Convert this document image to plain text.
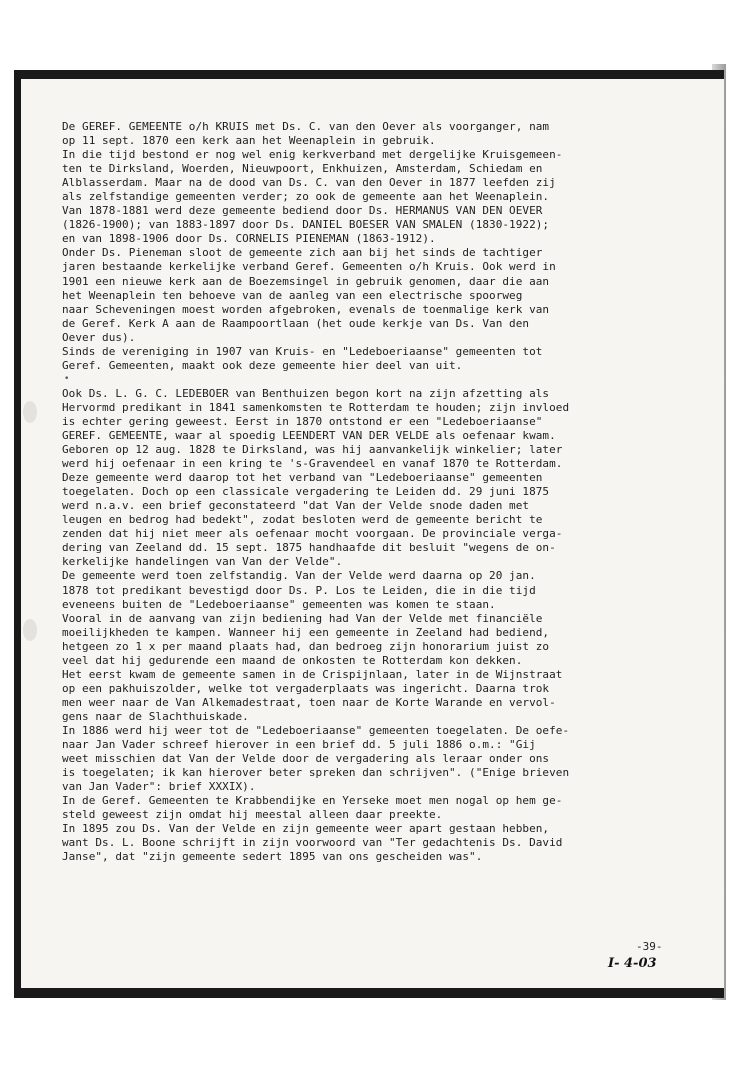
De GEREF. GEMEENTE o/h KRUIS met Ds. C. van den Oever als voorganger, nam
op 11 sept. 1870 een kerk aan het Weenaplein in gebruik.
In die tijd bestond er nog wel enig kerkverband met dergelijke Kruisgemeen-
ten te Dirksland, Woerden, Nieuwpoort, Enkhuizen, Amsterdam, Schiedam en
Alblasserdam. Maar na de dood van Ds. C. van den Oever in 1877 leefden zij
als zelfstandige gemeenten verder; zo ook de gemeente aan het Weenaplein.
Van 1878-1881 werd deze gemeente bediend door Ds. HERMANUS VAN DEN OEVER
(1826-1900); van 1883-1897 door Ds. DANIEL BOESER VAN SMALEN (1830-1922);
en van 1898-1906 door Ds. CORNELIS PIENEMAN (1863-1912).
Onder Ds. Pieneman sloot de gemeente zich aan bij het sinds de tachtiger
jaren bestaande kerkelijke verband Geref. Gemeenten o/h Kruis. Ook werd in
1901 een nieuwe kerk aan de Boezemsingel in gebruik genomen, daar die aan
het Weenaplein ten behoeve van de aanleg van een electrische spoorweg
naar Scheveningen moest worden afgebroken, evenals de toenmalige kerk van
de Geref. Kerk A aan de Raampoortlaan (het oude kerkje van Ds. Van den
Oever dus).
Sinds de vereniging in 1907 van Kruis- en "Ledeboeriaanse" gemeenten tot
Geref. Gemeenten, maakt ook deze gemeente hier deel van uit.
•
Ook Ds. L. G. C. LEDEBOER van Benthuizen begon kort na zijn afzetting als
Hervormd predikant in 1841 samenkomsten te Rotterdam te houden; zijn invloed
is echter gering geweest. Eerst in 1870 ontstond er een "Ledeboeriaanse"
GEREF. GEMEENTE, waar al spoedig LEENDERT VAN DER VELDE als oefenaar kwam.
Geboren op 12 aug. 1828 te Dirksland, was hij aanvankelijk winkelier; later
werd hij oefenaar in een kring te 's-Gravendeel en vanaf 1870 te Rotterdam.
Deze gemeente werd daarop tot het verband van "Ledeboeriaanse" gemeenten
toegelaten. Doch op een classicale vergadering te Leiden dd. 29 juni 1875
werd n.a.v. een brief geconstateerd "dat Van der Velde snode daden met
leugen en bedrog had bedekt", zodat besloten werd de gemeente bericht te
zenden dat hij niet meer als oefenaar mocht voorgaan. De provinciale verga-
dering van Zeeland dd. 15 sept. 1875 handhaafde dit besluit "wegens de on-
kerkelijke handelingen van Van der Velde".
De gemeente werd toen zelfstandig. Van der Velde werd daarna op 20 jan.
1878 tot predikant bevestigd door Ds. P. Los te Leiden, die in die tijd
eveneens buiten de "Ledeboeriaanse" gemeenten was komen te staan.
Vooral in de aanvang van zijn bediening had Van der Velde met financiële
moeilijkheden te kampen. Wanneer hij een gemeente in Zeeland had bediend,
hetgeen zo 1 x per maand plaats had, dan bedroeg zijn honorarium juist zo
veel dat hij gedurende een maand de onkosten te Rotterdam kon dekken.
Het eerst kwam de gemeente samen in de Crispijnlaan, later in de Wijnstraat
op een pakhuiszolder, welke tot vergaderplaats was ingericht. Daarna trok
men weer naar de Van Alkemadestraat, toen naar de Korte Warande en vervol-
gens naar de Slachthuiskade.
In 1886 werd hij weer tot de "Ledeboeriaanse" gemeenten toegelaten. De oefe-
naar Jan Vader schreef hierover in een brief dd. 5 juli 1886 o.m.: "Gij
weet misschien dat Van der Velde door de vergadering als leraar onder ons
is toegelaten; ik kan hierover beter spreken dan schrijven". ("Enige brieven
van Jan Vader": brief XXXIX).
In de Geref. Gemeenten te Krabbendijke en Yerseke moet men nogal op hem ge-
steld geweest zijn omdat hij meestal alleen daar preekte.
In 1895 zou Ds. Van der Velde en zijn gemeente weer apart gestaan hebben,
want Ds. L. Boone schrijft in zijn voorwoord van "Ter gedachtenis Ds. David
Janse", dat "zijn gemeente sedert 1895 van ons gescheiden was".
-39-
I- 4-03
